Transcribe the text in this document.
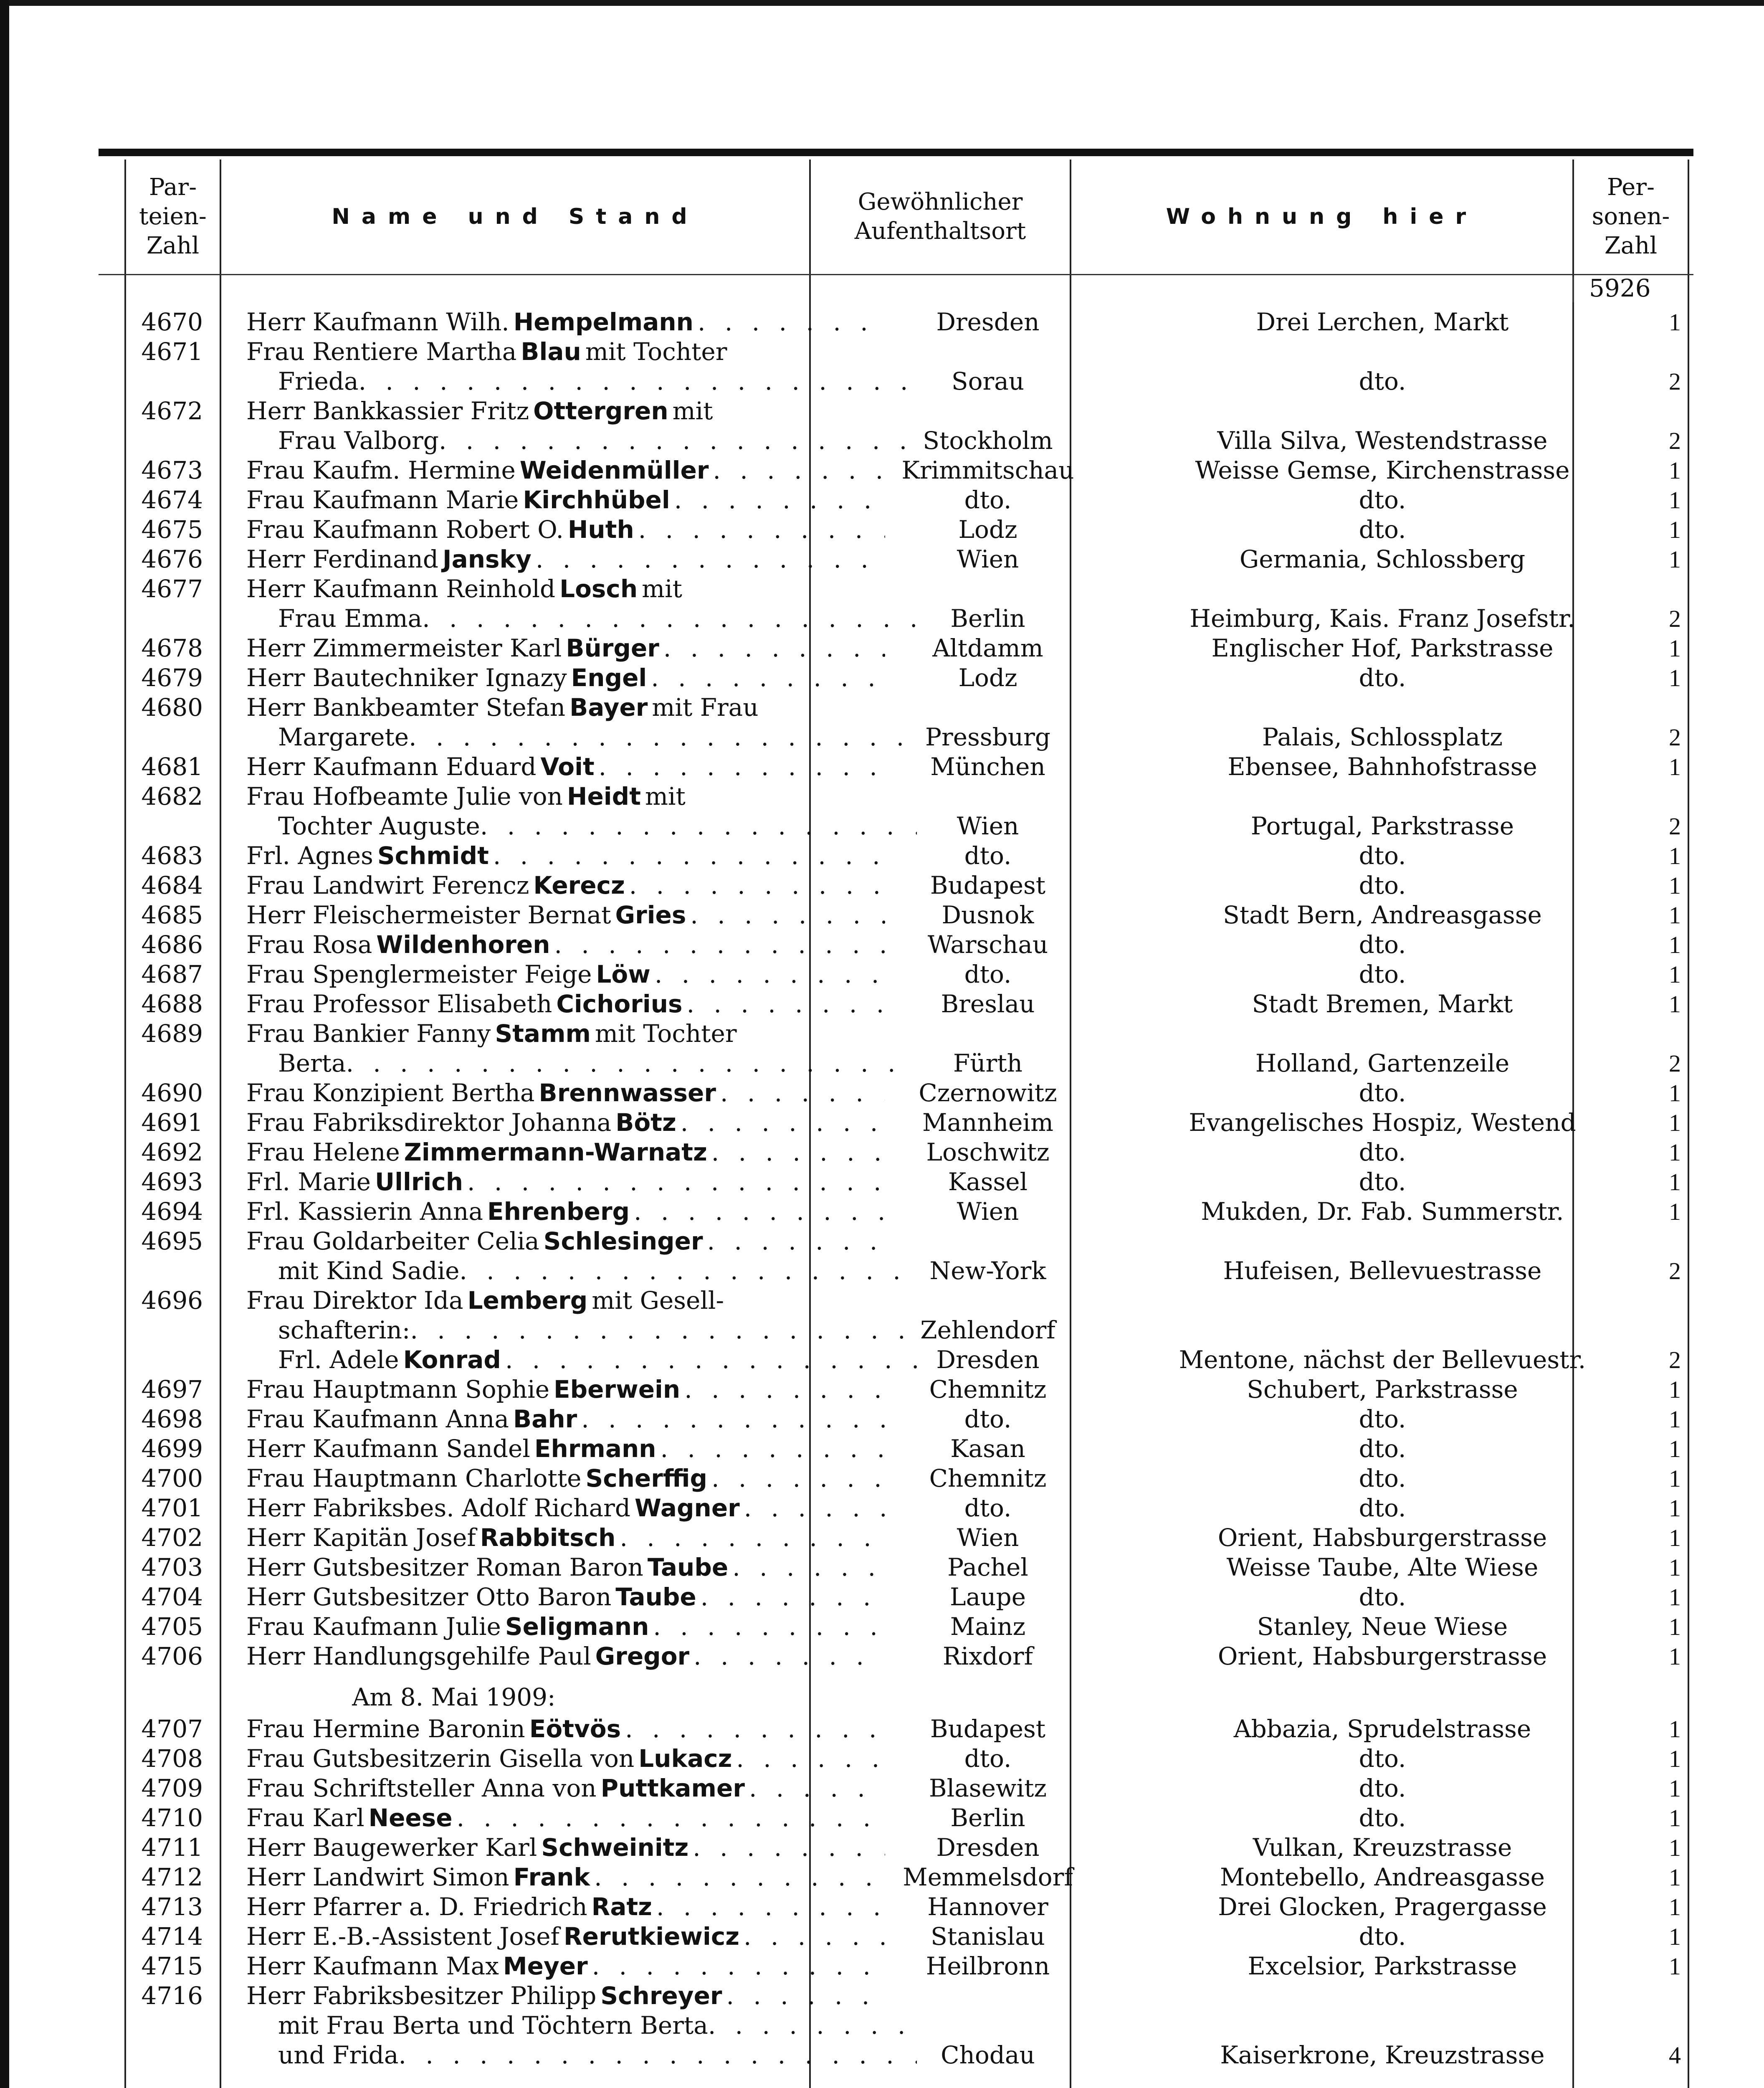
Par-
teien-
Zahl
Name und Stand
Gewöhnlicher
Aufenthaltsort
Wohnung hier
Per-
sonen-
Zahl
5926
4670 Herr Kaufmann Wilh. Hempelmann . . .	Dresden	Drei Lerchen, Markt	1
4671 Frau Rentiere Martha Blau mit Tochter
Frieda . . .	Sorau	dto.	2
4672 Herr Bankkassier Fritz Ottergren mit
Frau Valborg . . .	Stockholm	Villa Silva, Westendstrasse	2
4673 Frau Kaufm. Hermine Weidenmüller . . .	Krimmitschau	Weisse Gemse, Kirchenstrasse	1
4674 Frau Kaufmann Marie Kirchhübel . . .	dto.	dto.	1
4675 Frau Kaufmann Robert O. Huth . . .	Lodz	dto.	1
4676 Herr Ferdinand Jansky . . .	Wien	Germania, Schlossberg	1
4677 Herr Kaufmann Reinhold Losch mit
Frau Emma . . .	Berlin	Heimburg, Kais. Franz Josefstr.	2
4678 Herr Zimmermeister Karl Bürger . . .	Altdamm	Englischer Hof, Parkstrasse	1
4679 Herr Bautechniker Ignazy Engel . . .	Lodz	dto.	1
4680 Herr Bankbeamter Stefan Bayer mit Frau
Margarete . . .	Pressburg	Palais, Schlossplatz	2
4681 Herr Kaufmann Eduard Voit . . .	München	Ebensee, Bahnhofstrasse	1
4682 Frau Hofbeamte Julie von Heidt mit
Tochter Auguste . . .	Wien	Portugal, Parkstrasse	2
4683 Frl. Agnes Schmidt . . .	dto.	dto.	1
4684 Frau Landwirt Ferencz Kerecz . . .	Budapest	dto.	1
4685 Herr Fleischermeister Bernat Gries . . .	Dusnok	Stadt Bern, Andreasgasse	1
4686 Frau Rosa Wildenhoren . . .	Warschau	dto.	1
4687 Frau Spenglermeister Feige Löw . . .	dto.	dto.	1
4688 Frau Professor Elisabeth Cichorius . . .	Breslau	Stadt Bremen, Markt	1
4689 Frau Bankier Fanny Stamm mit Tochter
Berta . . .	Fürth	Holland, Gartenzeile	2
4690 Frau Konzipient Bertha Brennwasser . . .	Czernowitz	dto.	1
4691 Frau Fabriksdirektor Johanna Bötz . . .	Mannheim	Evangelisches Hospiz, Westend	1
4692 Frau Helene Zimmermann-Warnatz . . .	Loschwitz	dto.	1
4693 Frl. Marie Ullrich . . .	Kassel	dto.	1
4694 Frl. Kassierin Anna Ehrenberg . . .	Wien	Mukden, Dr. Fab. Summerstr.	1
4695 Frau Goldarbeiter Celia Schlesinger
. . .
mit Kind Sadie . . .	New-York	Hufeisen, Bellevuestrasse	2
4696 Frau Direktor Ida Lemberg mit Gesell-
schafterin: . . .	Zehlendorf
Frl. Adele Konrad . . .	Dresden	Mentone, nächst der Bellevuestr.	2
4697 Frau Hauptmann Sophie Eberwein . . .	Chemnitz	Schubert, Parkstrasse	1
4698 Frau Kaufmann Anna Bahr . . .	dto.	dto.	1
4699 Herr Kaufmann Sandel Ehrmann . . .	Kasan	dto.	1
4700 Frau Hauptmann Charlotte Scherffig . . .	Chemnitz	dto.	1
4701 Herr Fabriksbes. Adolf Richard Wagner . . .	dto.	dto.	1
4702 Herr Kapitän Josef Rabbitsch . . .	Wien	Orient, Habsburgerstrasse	1
4703 Herr Gutsbesitzer Roman Baron Taube . . .	Pachel	Weisse Taube, Alte Wiese	1
4704 Herr Gutsbesitzer Otto Baron Taube . . .	Laupe	dto.	1
4705 Frau Kaufmann Julie Seligmann . . .	Mainz	Stanley, Neue Wiese	1
4706 Herr Handlungsgehilfe Paul Gregor . . .	Rixdorf	Orient, Habsburgerstrasse	1
Am 8. Mai 1909:
4707 Frau Hermine Baronin Eötvös . . .	Budapest	Abbazia, Sprudelstrasse	1
4708 Frau Gutsbesitzerin Gisella von Lukacz . . .	dto.	dto.	1
4709 Frau Schriftsteller Anna von Puttkamer . . .	Blasewitz	dto.	1
4710 Frau Karl Neese . . .	Berlin	dto.	1
4711 Herr Baugewerker Karl Schweinitz . . .	Dresden	Vulkan, Kreuzstrasse	1
4712 Herr Landwirt Simon Frank . . .	Memmelsdorf	Montebello, Andreasgasse	1
4713 Herr Pfarrer a. D. Friedrich Ratz . . .	Hannover	Drei Glocken, Pragergasse	1
4714 Herr E.-B.-Assistent Josef Rerutkiewicz . . .	Stanislau	dto.	1
4715 Herr Kaufmann Max Meyer . . .	Heilbronn	Excelsior, Parkstrasse	1
4716 Herr Fabriksbesitzer Philipp Schreyer
. . .
mit Frau Berta und Töchtern Berta
. . .
und Frida . . .	Chodau	Kaiserkrone, Kreuzstrasse	4
